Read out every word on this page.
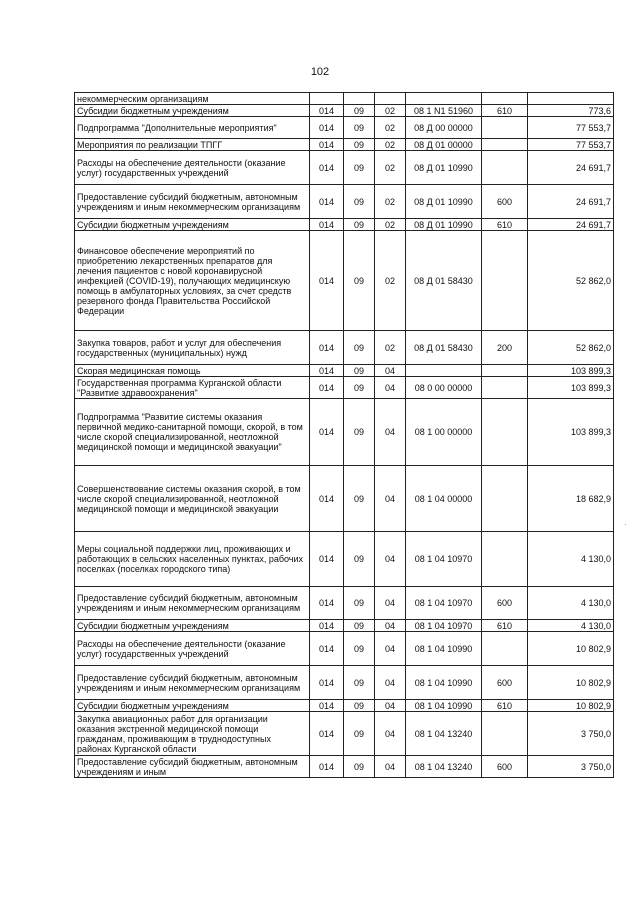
102
некоммерческим организациям						
Субсидии бюджетным учреждениям	014	09	02	08 1 N1 51960	610	773,6
Подпрограмма "Дополнительные мероприятия"	014	09	02	08 Д 00 00000		77 553,7
Мероприятия по реализации ТПГГ	014	09	02	08 Д 01 00000		77 553,7
Расходы на обеспечение деятельности (оказание услуг) государственных учреждений	014	09	02	08 Д 01 10990		24 691,7
Предоставление субсидий бюджетным, автономным учреждениям и иным некоммерческим организациям	014	09	02	08 Д 01 10990	600	24 691,7
Субсидии бюджетным учреждениям	014	09	02	08 Д 01 10990	610	24 691,7
Финансовое обеспечение мероприятий по приобретению лекарственных препаратов для лечения пациентов с новой коронавирусной инфекцией (COVID-19), получающих медицинскую помощь в амбулаторных условиях, за счет средств резервного фонда Правительства Российской Федерации	014	09	02	08 Д 01 58430		52 862,0
Закупка товаров, работ и услуг для обеспечения государственных (муниципальных) нужд	014	09	02	08 Д 01 58430	200	52 862,0
Скорая медицинская помощь	014	09	04			103 899,3
Государственная программа Курганской области "Развитие здравоохранения"	014	09	04	08 0 00 00000		103 899,3
Подпрограмма "Развитие системы оказания первичной медико-санитарной помощи, скорой, в том числе скорой специализированной, неотложной медицинской помощи и медицинской эвакуации"	014	09	04	08 1 00 00000		103 899,3
Совершенствование системы оказания скорой, в том числе скорой специализированной, неотложной медицинской помощи и медицинской эвакуации	014	09	04	08 1 04 00000		18 682,9
Меры социальной поддержки лиц, проживающих и работающих в сельских населенных пунктах, рабочих поселках (поселках городского типа)	014	09	04	08 1 04 10970		4 130,0
Предоставление субсидий бюджетным, автономным учреждениям и иным некоммерческим организациям	014	09	04	08 1 04 10970	600	4 130,0
Субсидии бюджетным учреждениям	014	09	04	08 1 04 10970	610	4 130,0
Расходы на обеспечение деятельности (оказание услуг) государственных учреждений	014	09	04	08 1 04 10990		10 802,9
Предоставление субсидий бюджетным, автономным учреждениям и иным некоммерческим организациям	014	09	04	08 1 04 10990	600	10 802,9
Субсидии бюджетным учреждениям	014	09	04	08 1 04 10990	610	10 802,9
Закупка авиационных работ для организации оказания экстренной медицинской помощи гражданам, проживающим в труднодоступных районах Курганской области	014	09	04	08 1 04 13240		3 750,0
Предоставление субсидий бюджетным, автономным учреждениям и иным	014	09	04	08 1 04 13240	600	3 750,0
·
